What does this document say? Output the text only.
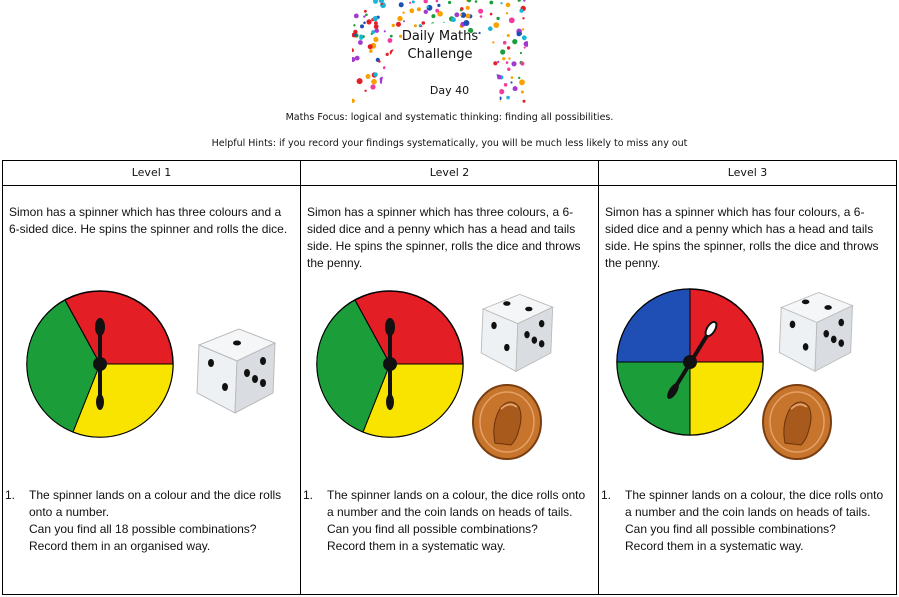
Daily Maths
Challenge
Day 40
Maths Focus: logical and systematic thinking: finding all possibilities.
Helpful Hints: if you record your findings systematically, you will be much less likely to miss any out
Level 1
Simon has a spinner which has three colours and a 6-sided dice. He spins the spinner and rolls the dice.
1. The spinner lands on a colour and the dice rolls onto a number.
Can you find all 18 possible combinations?
Record them in an organised way.
Level 2
Simon has a spinner which has three colours, a 6-sided dice and a penny which has a head and tails side. He spins the spinner, rolls the dice and throws the penny.
1. The spinner lands on a colour, the dice rolls onto a number and the coin lands on heads of tails.
Can you find all possible combinations?
Record them in a systematic way.
Level 3
Simon has a spinner which has four colours, a 6-sided dice and a penny which has a head and tails side. He spins the spinner, rolls the dice and throws the penny.
1. The spinner lands on a colour, the dice rolls onto a number and the coin lands on heads of tails.
Can you find all possible combinations?
Record them in a systematic way.
